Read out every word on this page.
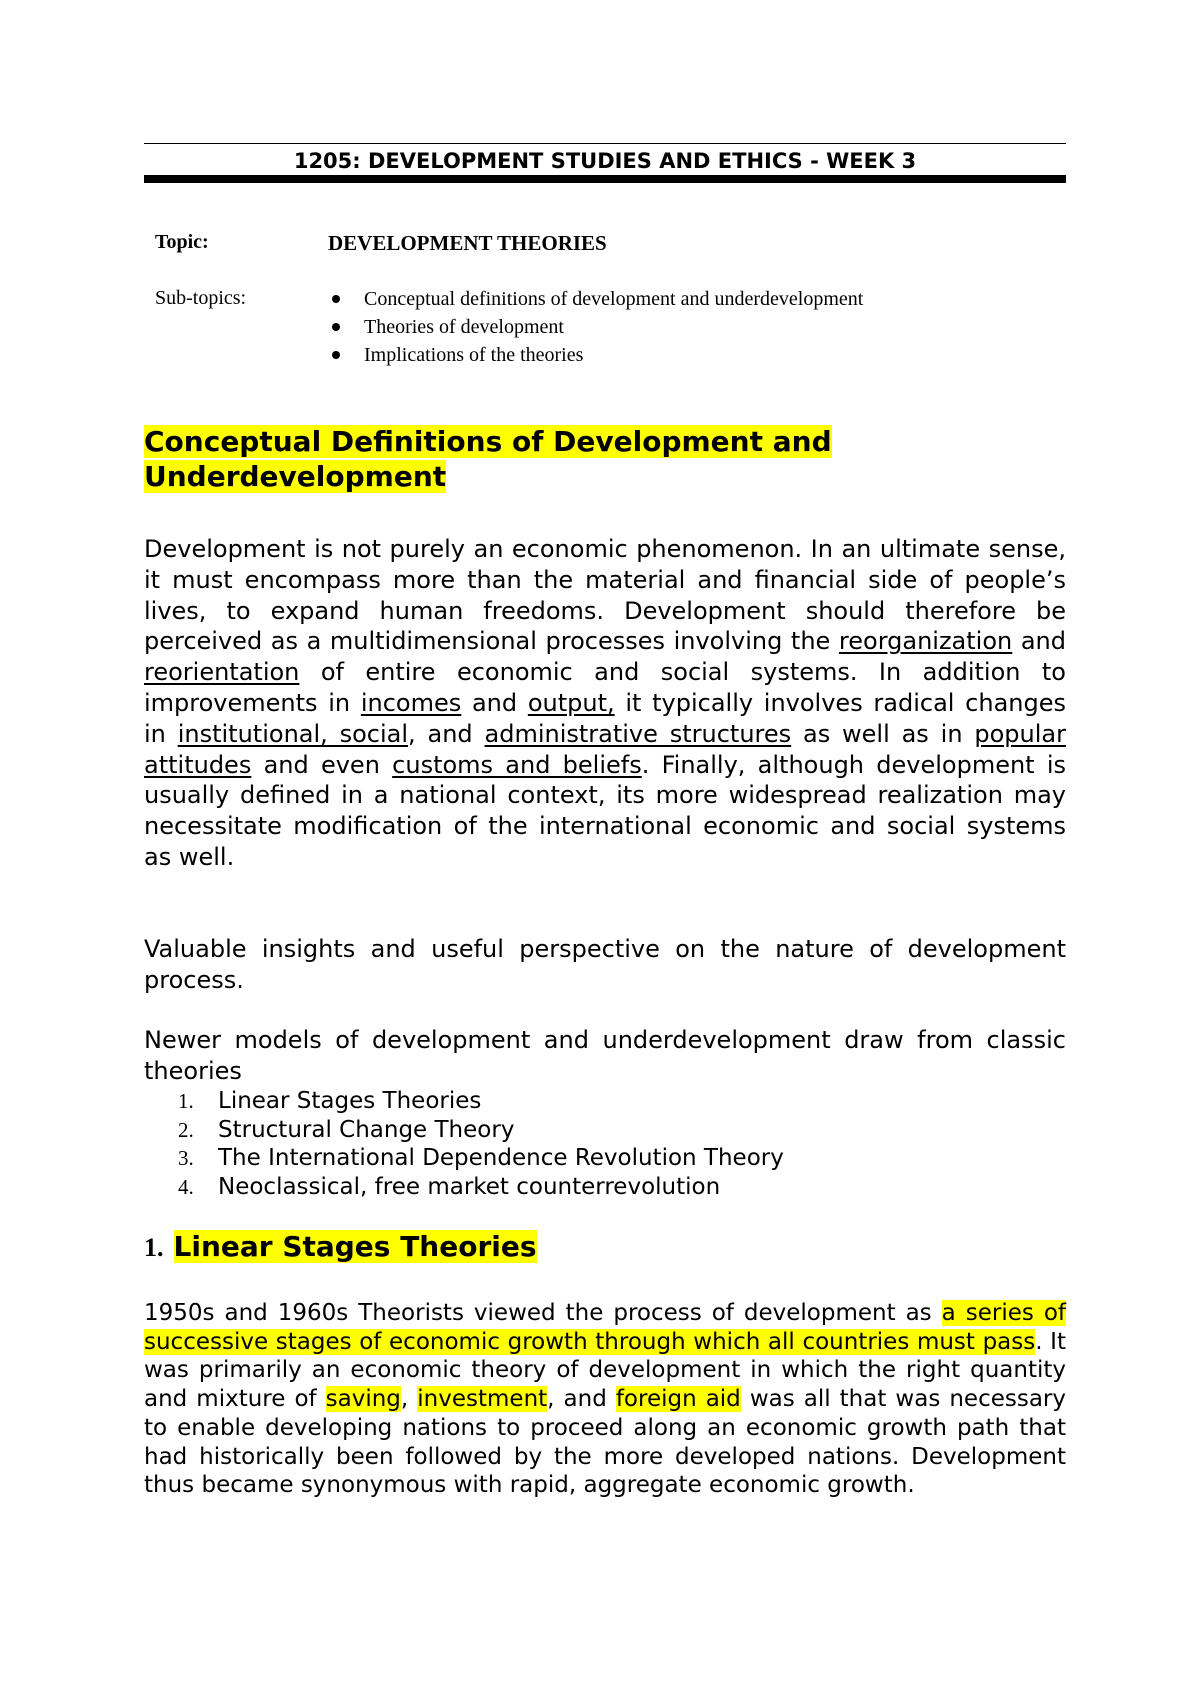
1205: DEVELOPMENT STUDIES AND ETHICS - WEEK 3
Topic:	DEVELOPMENT THEORIES
Sub-topics:	Conceptual definitions of development and underdevelopment
Theories of development
Implications of the theories
Conceptual Definitions of Development and
Underdevelopment

Development is not purely an economic phenomenon. In an ultimate sense, it must encompass more than the material and financial side of people’s lives, to expand human freedoms. Development should therefore be perceived as a multidimensional processes involving the reorganization and reorientation of entire economic and social systems. In addition to improvements in incomes and output, it typically involves radical changes in institutional, social, and administrative structures as well as in popular attitudes and even customs and beliefs. Finally, although development is usually defined in a national context, its more widespread realization may necessitate modification of the international economic and social systems as well.

Valuable insights and useful perspective on the nature of development process.

Newer models of development and underdevelopment draw from classic theories

1. Linear Stages Theories
2. Structural Change Theory
3. The International Dependence Revolution Theory
4. Neoclassical, free market counterrevolution
1. Linear Stages Theories

1950s and 1960s Theorists viewed the process of development as a series of successive stages of economic growth through which all countries must pass. It was primarily an economic theory of development in which the right quantity and mixture of saving, investment, and foreign aid was all that was necessary to enable developing nations to proceed along an economic growth path that had historically been followed by the more developed nations. Development thus became synonymous with rapid, aggregate economic growth.
